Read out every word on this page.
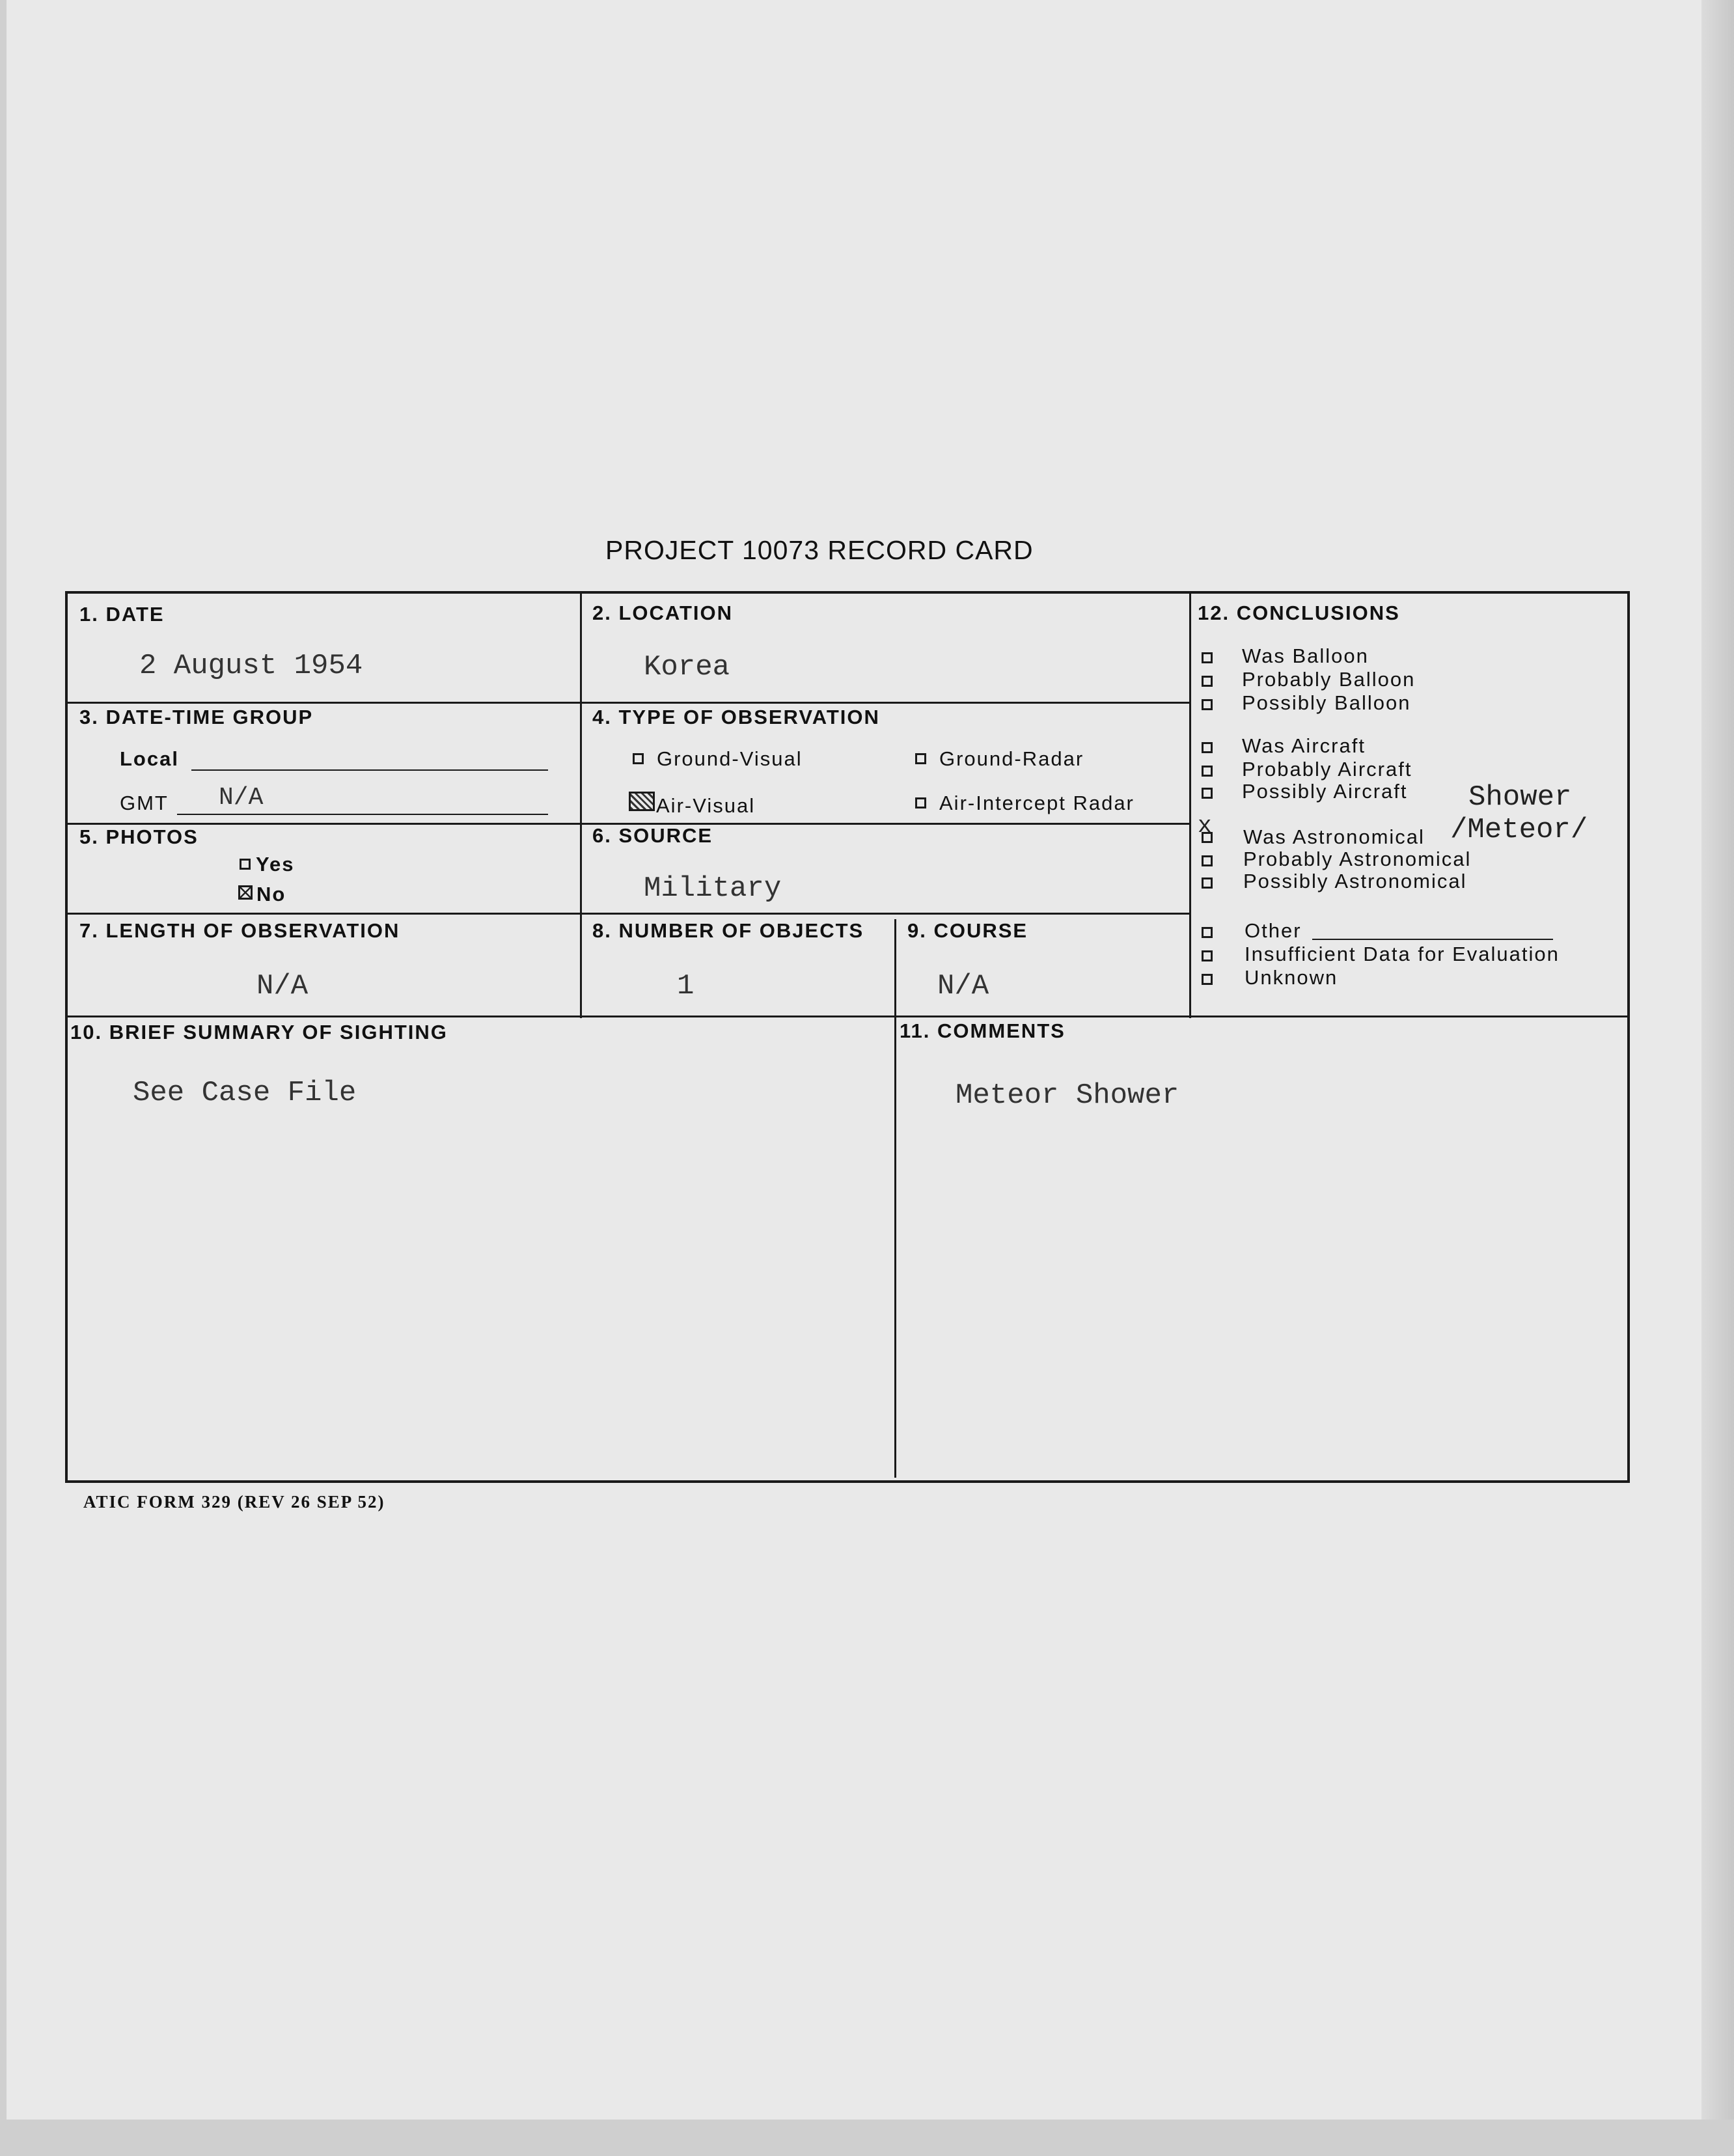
PROJECT 10073 RECORD CARD
1. DATE
2 August 1954
2. LOCATION
Korea
3. DATE-TIME GROUP
Local
GMT N/A
4. TYPE OF OBSERVATION
Ground-Visual	Ground-Radar
Air-Visual	Air-Intercept Radar
5. PHOTOS
Yes
No
6. SOURCE
Military
7. LENGTH OF OBSERVATION
N/A
8. NUMBER OF OBJECTS
1
9. COURSE
N/A
10. BRIEF SUMMARY OF SIGHTING
See Case File
11. COMMENTS
Meteor Shower
12. CONCLUSIONS
Was Balloon
Probably Balloon
Possibly Balloon
Was Aircraft
Probably Aircraft
Possibly Aircraft Shower
x Was Astronomical /Meteor/
Probably Astronomical
Possibly Astronomical
Other
Insufficient Data for Evaluation
Unknown
ATIC FORM 329 (REV 26 SEP 52)
